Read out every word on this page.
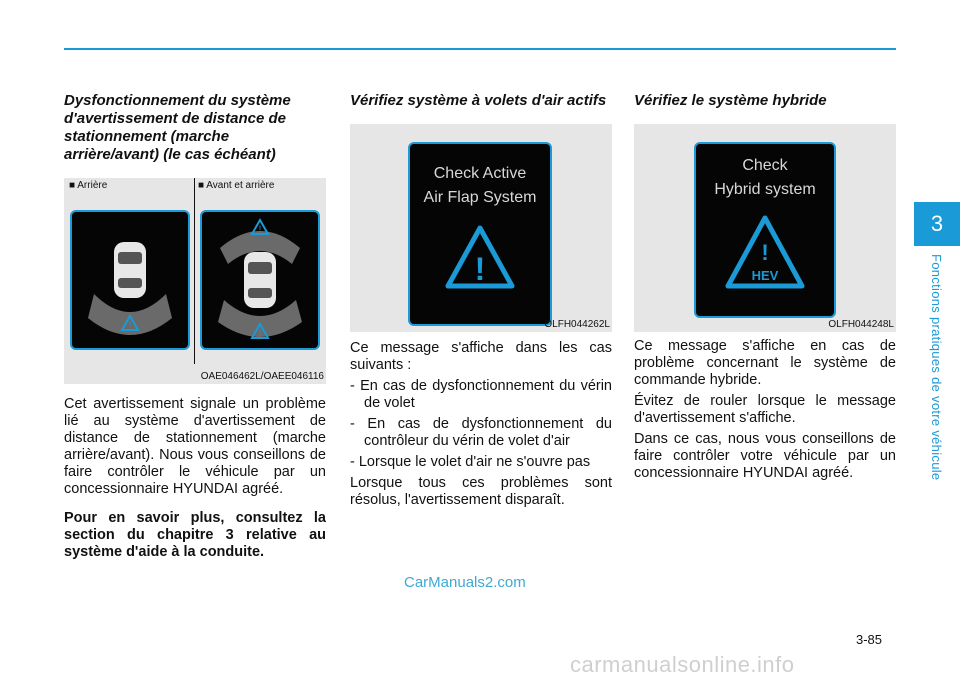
3
Fonctions pratiques de votre véhicule
Dysfonctionnement du système d'avertissement de distance de stationnement (marche arrière/avant) (le cas échéant)
■ Arrière	■ Avant et arrière
!
!
!
OAE046462L/OAEE046116

Cet avertissement signale un problème lié au système d'avertissement de distance de stationnement (marche arrière/avant). Nous vous conseillons de faire contrôler le véhicule par un concessionnaire HYUNDAI agréé.

Pour en savoir plus, consultez la section du chapitre 3 relative au système d'aide à la conduite.

Vérifiez système à volets d'air actifs
Check Active
Air Flap System
!
OLFH044262L

Ce message s'affiche dans les cas suivants :

- En cas de dysfonctionnement du vérin de volet
- En cas de dysfonctionnement du contrôleur du vérin de volet d'air
- Lorsque le volet d'air ne s'ouvre pas

Lorsque tous ces problèmes sont résolus, l'avertissement disparaît.

Vérifiez le système hybride
Check
Hybrid system
!
HEV
OLFH044248L

Ce message s'affiche en cas de problème concernant le système de commande hybride.

Évitez de rouler lorsque le message d'avertissement s'affiche.

Dans ce cas, nous vous conseillons de faire contrôler votre véhicule par un concessionnaire HYUNDAI agréé.

CarManuals2.com
3-85
carmanualsonline.info
